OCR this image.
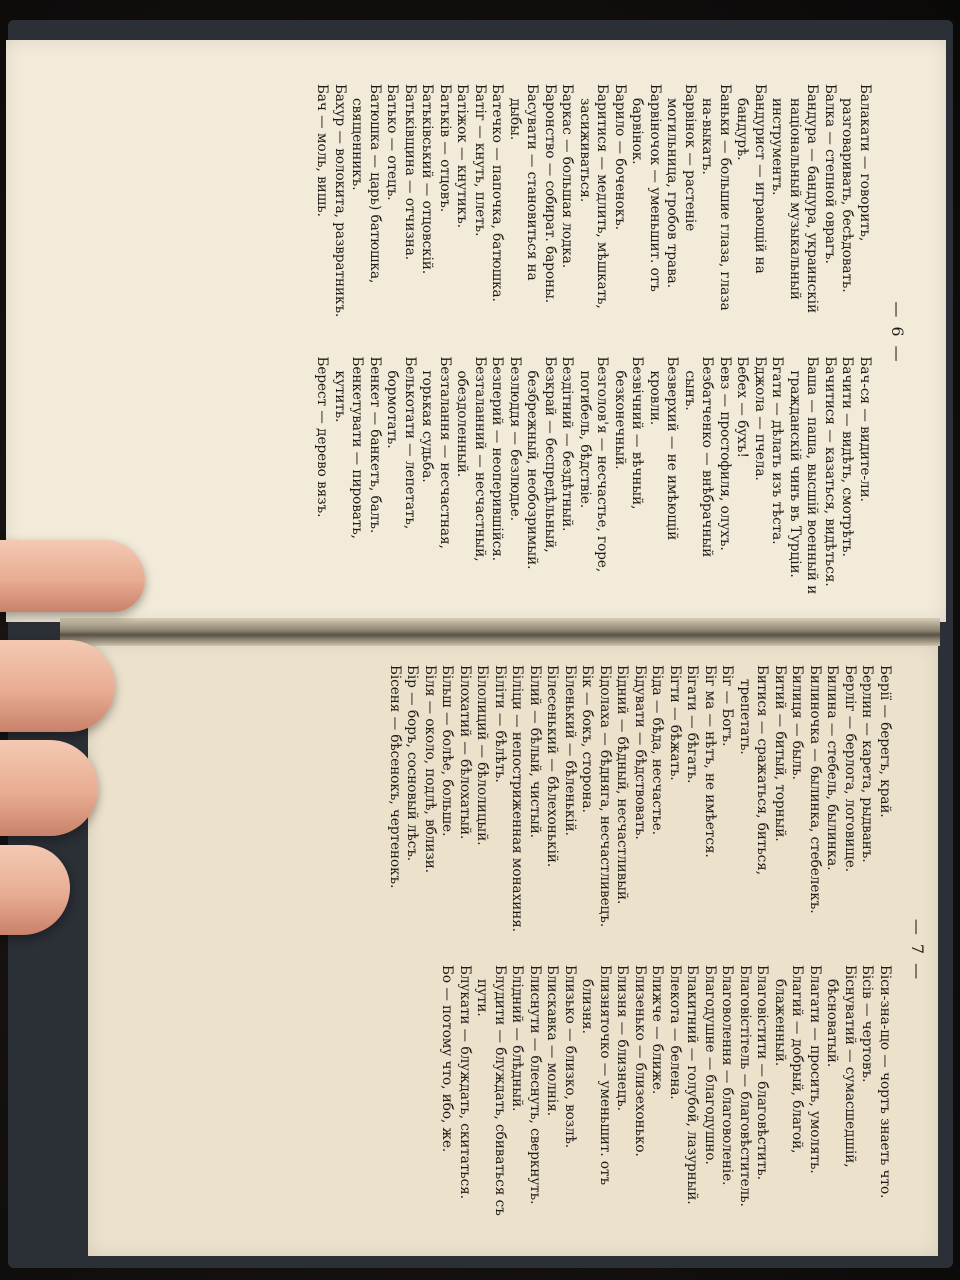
— 6 —
Балакати — говорить, разговаривать, бесѣдовать.
Балка — степной оврагъ.
Бандура — бандура, украинскій національный музыкальный инструментъ.
Бандурист — играющій на бандурѣ.
Баньки — большие глаза, глаза на-выкатъ.
Барвінок — растеніе могильница, гробов трава.
Барвіночок — уменьшит. отъ барвінок.
Барило — боченокъ.
Баритися — медлить, мѣшкать, засиживаться.
Баркас — большая лодка.
Баронство — собират. бароны.
Басувати — становиться на дыбы.
Батечко — папочка, батюшка.
Батіг — кнуть, плеть.
Батіжок — кнутикъ.
Батьків — отцовъ.
Батьківський — отцовскій.
Батьківщина — отчизна.
Батько — отецъ.
Батюшка — царь) батюшка, священникъ.
Бахур — волокита, развратникъ.
Бач — моль, вишь.
Бач-ся — видите-ли.
Бачити — видѣть, смотрѣть.
Бачитися — казаться, видѣться.
Баша — паша, высшій военный и гражданскій чинъ въ Турціи.
Бгати — дѣлать изъ тѣста.
Бджола — пчела.
Бебех — бухъ!
Бевз — простофиля, олухъ.
Безбатченко — внѣбрачный сынъ.
Безверхий — не имѣющій кровли.
Безвічний — вѣчный, безконечный.
Безголов'я — несчастье, горе, погибель, бѣдствіе.
Бездітний — бездѣтный.
Безкрай — беспредѣльный, безбрежный, необозримый.
Безлюддя — безлюдье.
Безперий — неоперившійся.
Безталанний — несчастный, обездоленный.
Безталання — несчастная, горькая судьба.
Белькотати — лепетать, бормотать.
Бенкет — банкетъ, балъ.
Бенкетувати — пировать, кутить.
Берест — дерево вязъ.
— 7 —
Берії — берегъ, край.
Берлин — карета, рыдванъ.
Берліг — берлога, логовище.
Билина — стебель, былинка.
Билиночка — былинка, стебелекъ.
Билиця — быль.
Битий — битый, торный.
Битися — сражаться, биться, трепетать.
Біг — Богъ.
Біг ма — нѣтъ, не имѣется.
Бігати — бѣгать.
Бігти — бѣжать.
Біда — бѣда, несчастье.
Бідувати — бѣдствовать.
Бідний — бѣдный, несчастливый.
Бідолаха — бѣдняга, несчастливецъ.
Бік — бокъ, сторона.
Біленький — бѣленькій.
Білесенький — бѣлехонькій.
Білий — бѣлый, чистый.
Біліци — непостриженная монахиня.
Біліти — бѣлѣть.
Білолиций — бѣлолицый.
Білохатий — бѣлохатый.
Більш — болѣе, больше.
Біля — около, подлѣ, вблизи.
Бір — боръ, сосновый лѣсъ.
Бісеня — бѣсенокъ, чертенокъ.
Біси-зна-що — чортъ знаеть что.
Бісів — чертовъ.
Біснуватий — сумасшедшій, бѣсноватый.
Благати — просить, умолять.
Благий — добрый, благой, блаженный.
Благовістити — благовѣстить.
Благовістітель — благовѣститель.
Благоволення — благоволеніе.
Благодушне — благодушно.
Блакитний — голубой, лазурный.
Блекота — белена.
Ближче — ближе.
Близенько — близехонько.
Близня — близнецъ.
Близняточко — уменьшит. отъ близня.
Близько — близко, возлѣ.
Блискавка — молнія.
Блиснути — блеснуть, сверкнуть.
Блідний — блѣдный.
Блудити — блуждать, сбиваться съ пути.
Блукати — блуждать, скитаться.
Бо — потому что, ибо, же.
